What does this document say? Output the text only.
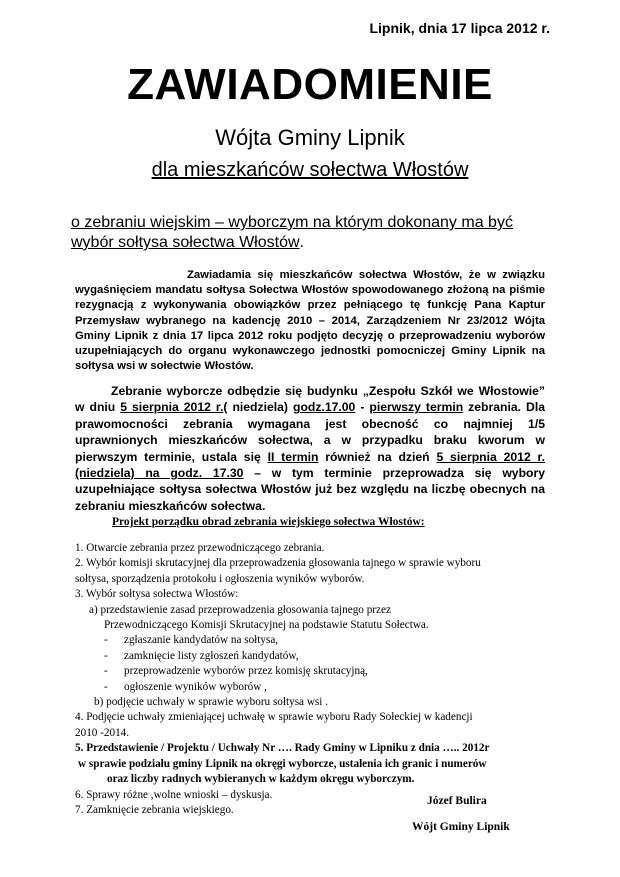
Lipnik, dnia 17 lipca 2012 r.
ZAWIADOMIENIE
Wójta Gminy Lipnik
dla mieszkańców sołectwa Włostów
o zebraniu wiejskim – wyborczym na którym dokonany ma być
wybór sołtysa sołectwa Włostów.
Zawiadamia się mieszkańców sołectwa Włostów, że w związku wygaśnięciem mandatu sołtysa Sołectwa Włostów spowodowanego złożoną na piśmie rezygnacją z wykonywania obowiązków przez pełniącego tę funkcję Pana Kaptur Przemysław wybranego na kadencję 2010 – 2014, Zarządzeniem Nr 23/2012 Wójta Gminy Lipnik z dnia 17 lipca 2012 roku podjęto decyzję o przeprowadzeniu wyborów uzupełniających do organu wykonawczego jednostki pomocniczej Gminy Lipnik na sołtysa wsi w sołectwie Włostów.
Zebranie wyborcze odbędzie się budynku „Zespołu Szkół we Włostowie” w dniu 5 sierpnia 2012 r.( niedziela) godz.17.00 - pierwszy termin zebrania. Dla prawomocności zebrania wymagana jest obecność co najmniej 1/5 uprawnionych mieszkańców sołectwa, a w przypadku braku kworum w pierwszym terminie, ustala się II termin również na dzień 5 sierpnia 2012 r. (niedziela) na godz. 17.30 – w tym terminie przeprowadza się wybory uzupełniające sołtysa sołectwa Włostów już bez względu na liczbę obecnych na zebraniu mieszkańców sołectwa.
Projekt porządku obrad zebrania wiejskiego sołectwa Włostów:
1. Otwarcie zebrania przez przewodniczącego zebrania.
2. Wybór komisji skrutacyjnej dla przeprowadzenia głosowania tajnego w sprawie wyboru
sołtysa, sporządzenia protokołu i ogłoszenia wyników wyborów.
3. Wybór sołtysa sołectwa Włostów:
a) przedstawienie zasad przeprowadzenia głosowania tajnego przez
Przewodniczącego Komisji Skrutacyjnej na podstawie Statutu Sołectwa.
- zgłaszanie kandydatów na sołtysa,
- zamknięcie listy zgłoszeń kandydatów,
- przeprowadzenie wyborów przez komisję skrutacyjną,
- ogłoszenie wyników wyborów ,
b) podjęcie uchwały w sprawie wyboru sołtysa wsi .
4. Podjęcie uchwały zmieniającej uchwałę w sprawie wyboru Rady Sołeckiej w kadencji
2010 -2014.
5. Przedstawienie / Projektu / Uchwały Nr …. Rady Gminy w Lipniku z dnia ….. 2012r
w sprawie podziału gminy Lipnik na okręgi wyborcze, ustalenia ich granic i numerów
oraz liczby radnych wybieranych w każdym okręgu wyborczym.
6. Sprawy różne ,wolne wnioski – dyskusja.
7. Zamknięcie zebrania wiejskiego.
Józef Bulira
Wójt Gminy Lipnik
